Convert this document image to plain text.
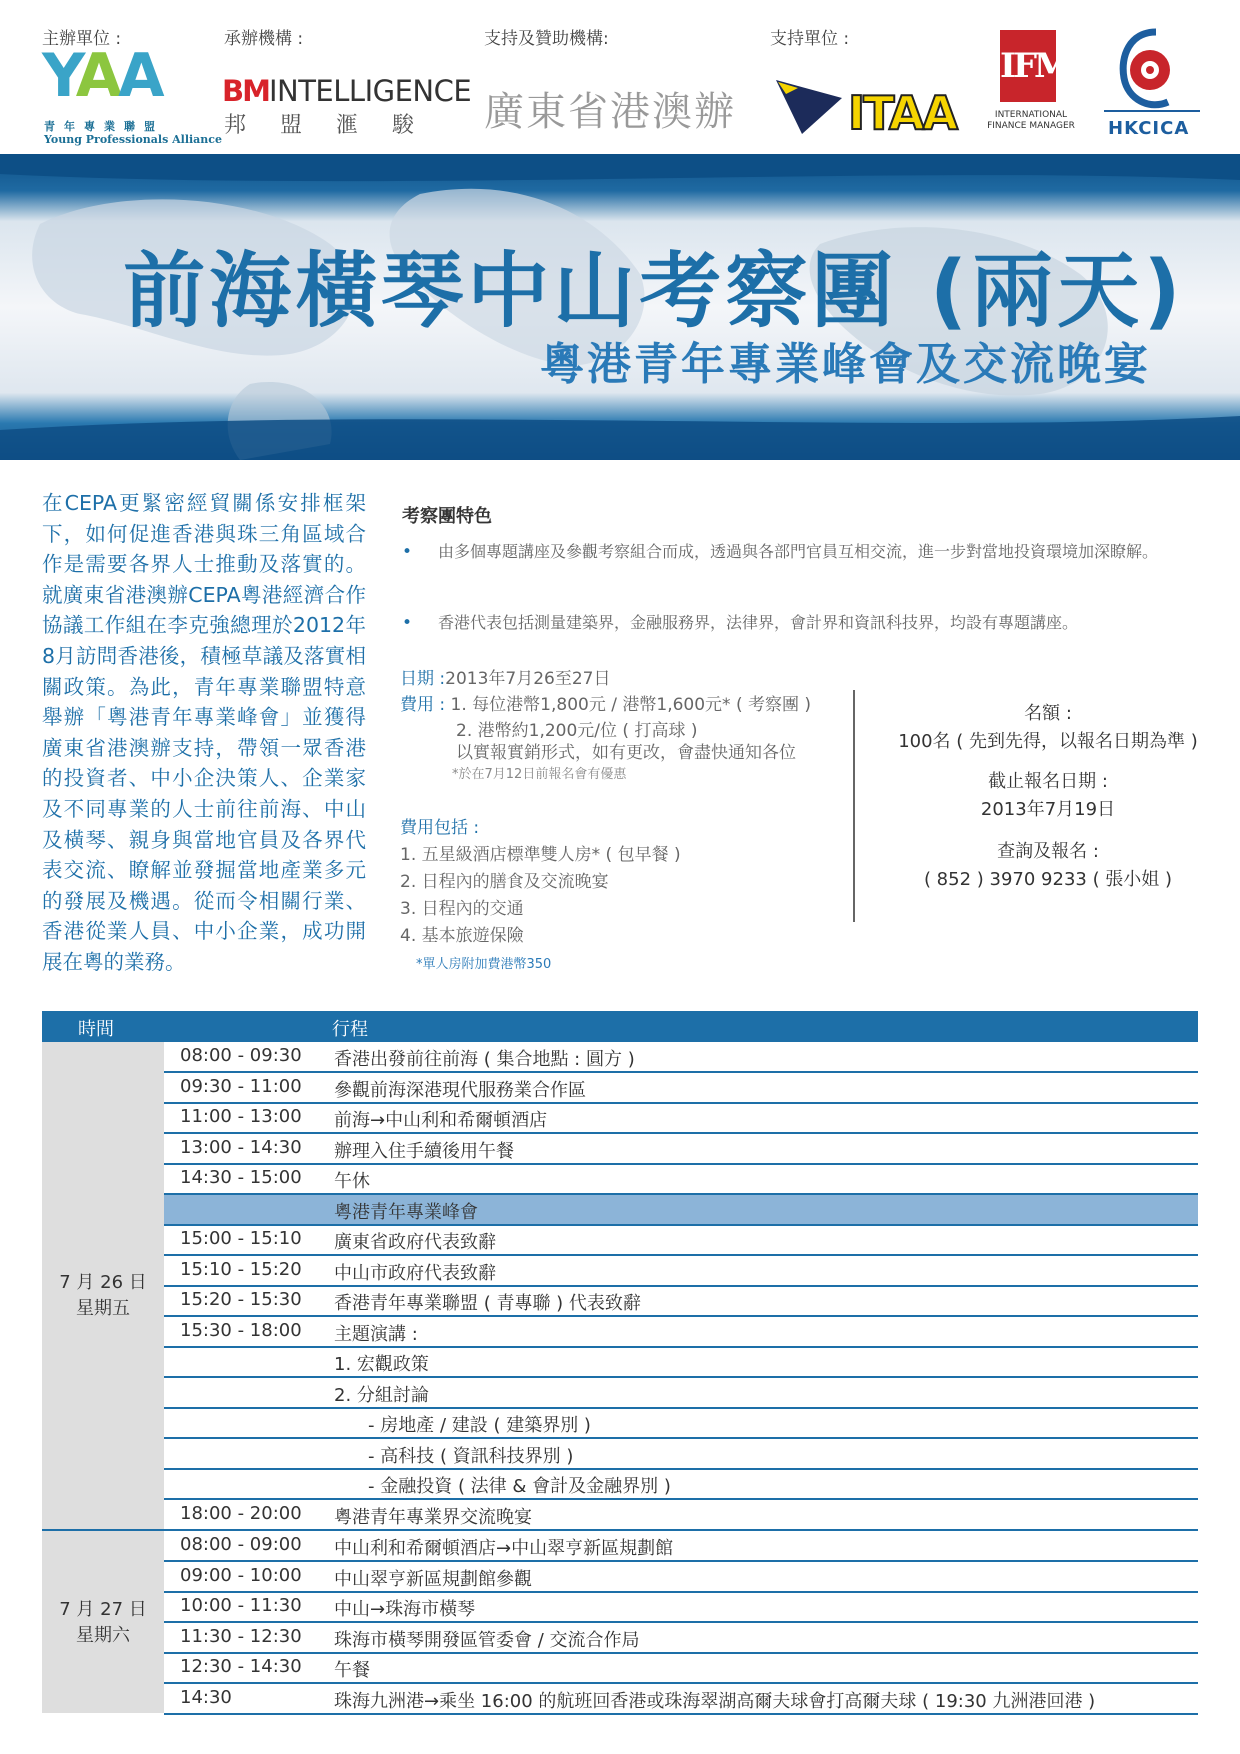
主辦單位 :	承辦機構 :	支持及贊助機構:	支持單位 :
YAA
青年專業聯盟
Young Professionals Alliance
BMINTELLIGENCE
邦盟滙駿 廣東省港澳辦 ITAA
IFM
INTERNATIONAL FINANCE MANAGER HKCICA
前海橫琴中山考察團 (兩天)
粵港青年專業峰會及交流晚宴
在CEPA更緊密經貿關係安排框架下，如何促進香港與珠三角區域合作是需要各界人士推動及落實的。就廣東省港澳辦CEPA粵港經濟合作協議工作組在李克強總理於2012年8月訪問香港後，積極草議及落實相關政策。為此，青年專業聯盟特意舉辦「粵港青年專業峰會」並獲得廣東省港澳辦支持，帶領一眾香港的投資者、中小企決策人、企業家及不同專業的人士前往前海、中山及橫琴、親身與當地官員及各界代表交流、瞭解並發掘當地產業多元的發展及機遇。從而令相關行業、香港從業人員、中小企業，成功開展在粵的業務。
考察團特色
• 由多個專題講座及參觀考察組合而成，透過與各部門官員互相交流，進一步對當地投資環境加深瞭解。
• 香港代表包括測量建築界，金融服務界，法律界，會計界和資訊科技界，均設有專題講座。
日期 :2013年7月26至27日
費用 : 1. 每位港幣1,800元 / 港幣1,600元* ( 考察團 )
2. 港幣約1,200元/位 ( 打高球 )
以實報實銷形式，如有更改，會盡快通知各位
*於在7月12日前報名會有優惠
費用包括 :
1. 五星級酒店標準雙人房* ( 包早餐 )
2. 日程內的膳食及交流晚宴
3. 日程內的交通
4. 基本旅遊保險
*單人房附加費港幣350
名額 :
100名 ( 先到先得，以報名日期為準 )
截止報名日期 :
2013年7月19日
查詢及報名 :
( 852 ) 3970 9233 ( 張小姐 )
時間	行程
7 月 26 日
星期五
08:00 - 09:30 香港出發前往前海 ( 集合地點 : 圓方 )
09:30 - 11:00 參觀前海深港現代服務業合作區
11:00 - 13:00 前海→中山利和希爾頓酒店
13:00 - 14:30 辦理入住手續後用午餐
14:30 - 15:00 午休
粵港青年專業峰會
15:00 - 15:10 廣東省政府代表致辭
15:10 - 15:20 中山市政府代表致辭
15:20 - 15:30 香港青年專業聯盟 ( 青專聯 ) 代表致辭
15:30 - 18:00 主題演講 :
1. 宏觀政策
2. 分組討論
- 房地產 / 建設 ( 建築界別 )
- 高科技 ( 資訊科技界別 )
- 金融投資 ( 法律 & 會計及金融界別 )
18:00 - 20:00 粵港青年專業界交流晚宴
7 月 27 日
星期六
08:00 - 09:00 中山利和希爾頓酒店→中山翠亨新區規劃館
09:00 - 10:00 中山翠亨新區規劃館參觀
10:00 - 11:30 中山→珠海市橫琴
11:30 - 12:30 珠海市橫琴開發區管委會 / 交流合作局
12:30 - 14:30 午餐
14:30	珠海九洲港→乘坐 16:00 的航班回香港或珠海翠湖高爾夫球會打高爾夫球 ( 19:30 九洲港回港 )
